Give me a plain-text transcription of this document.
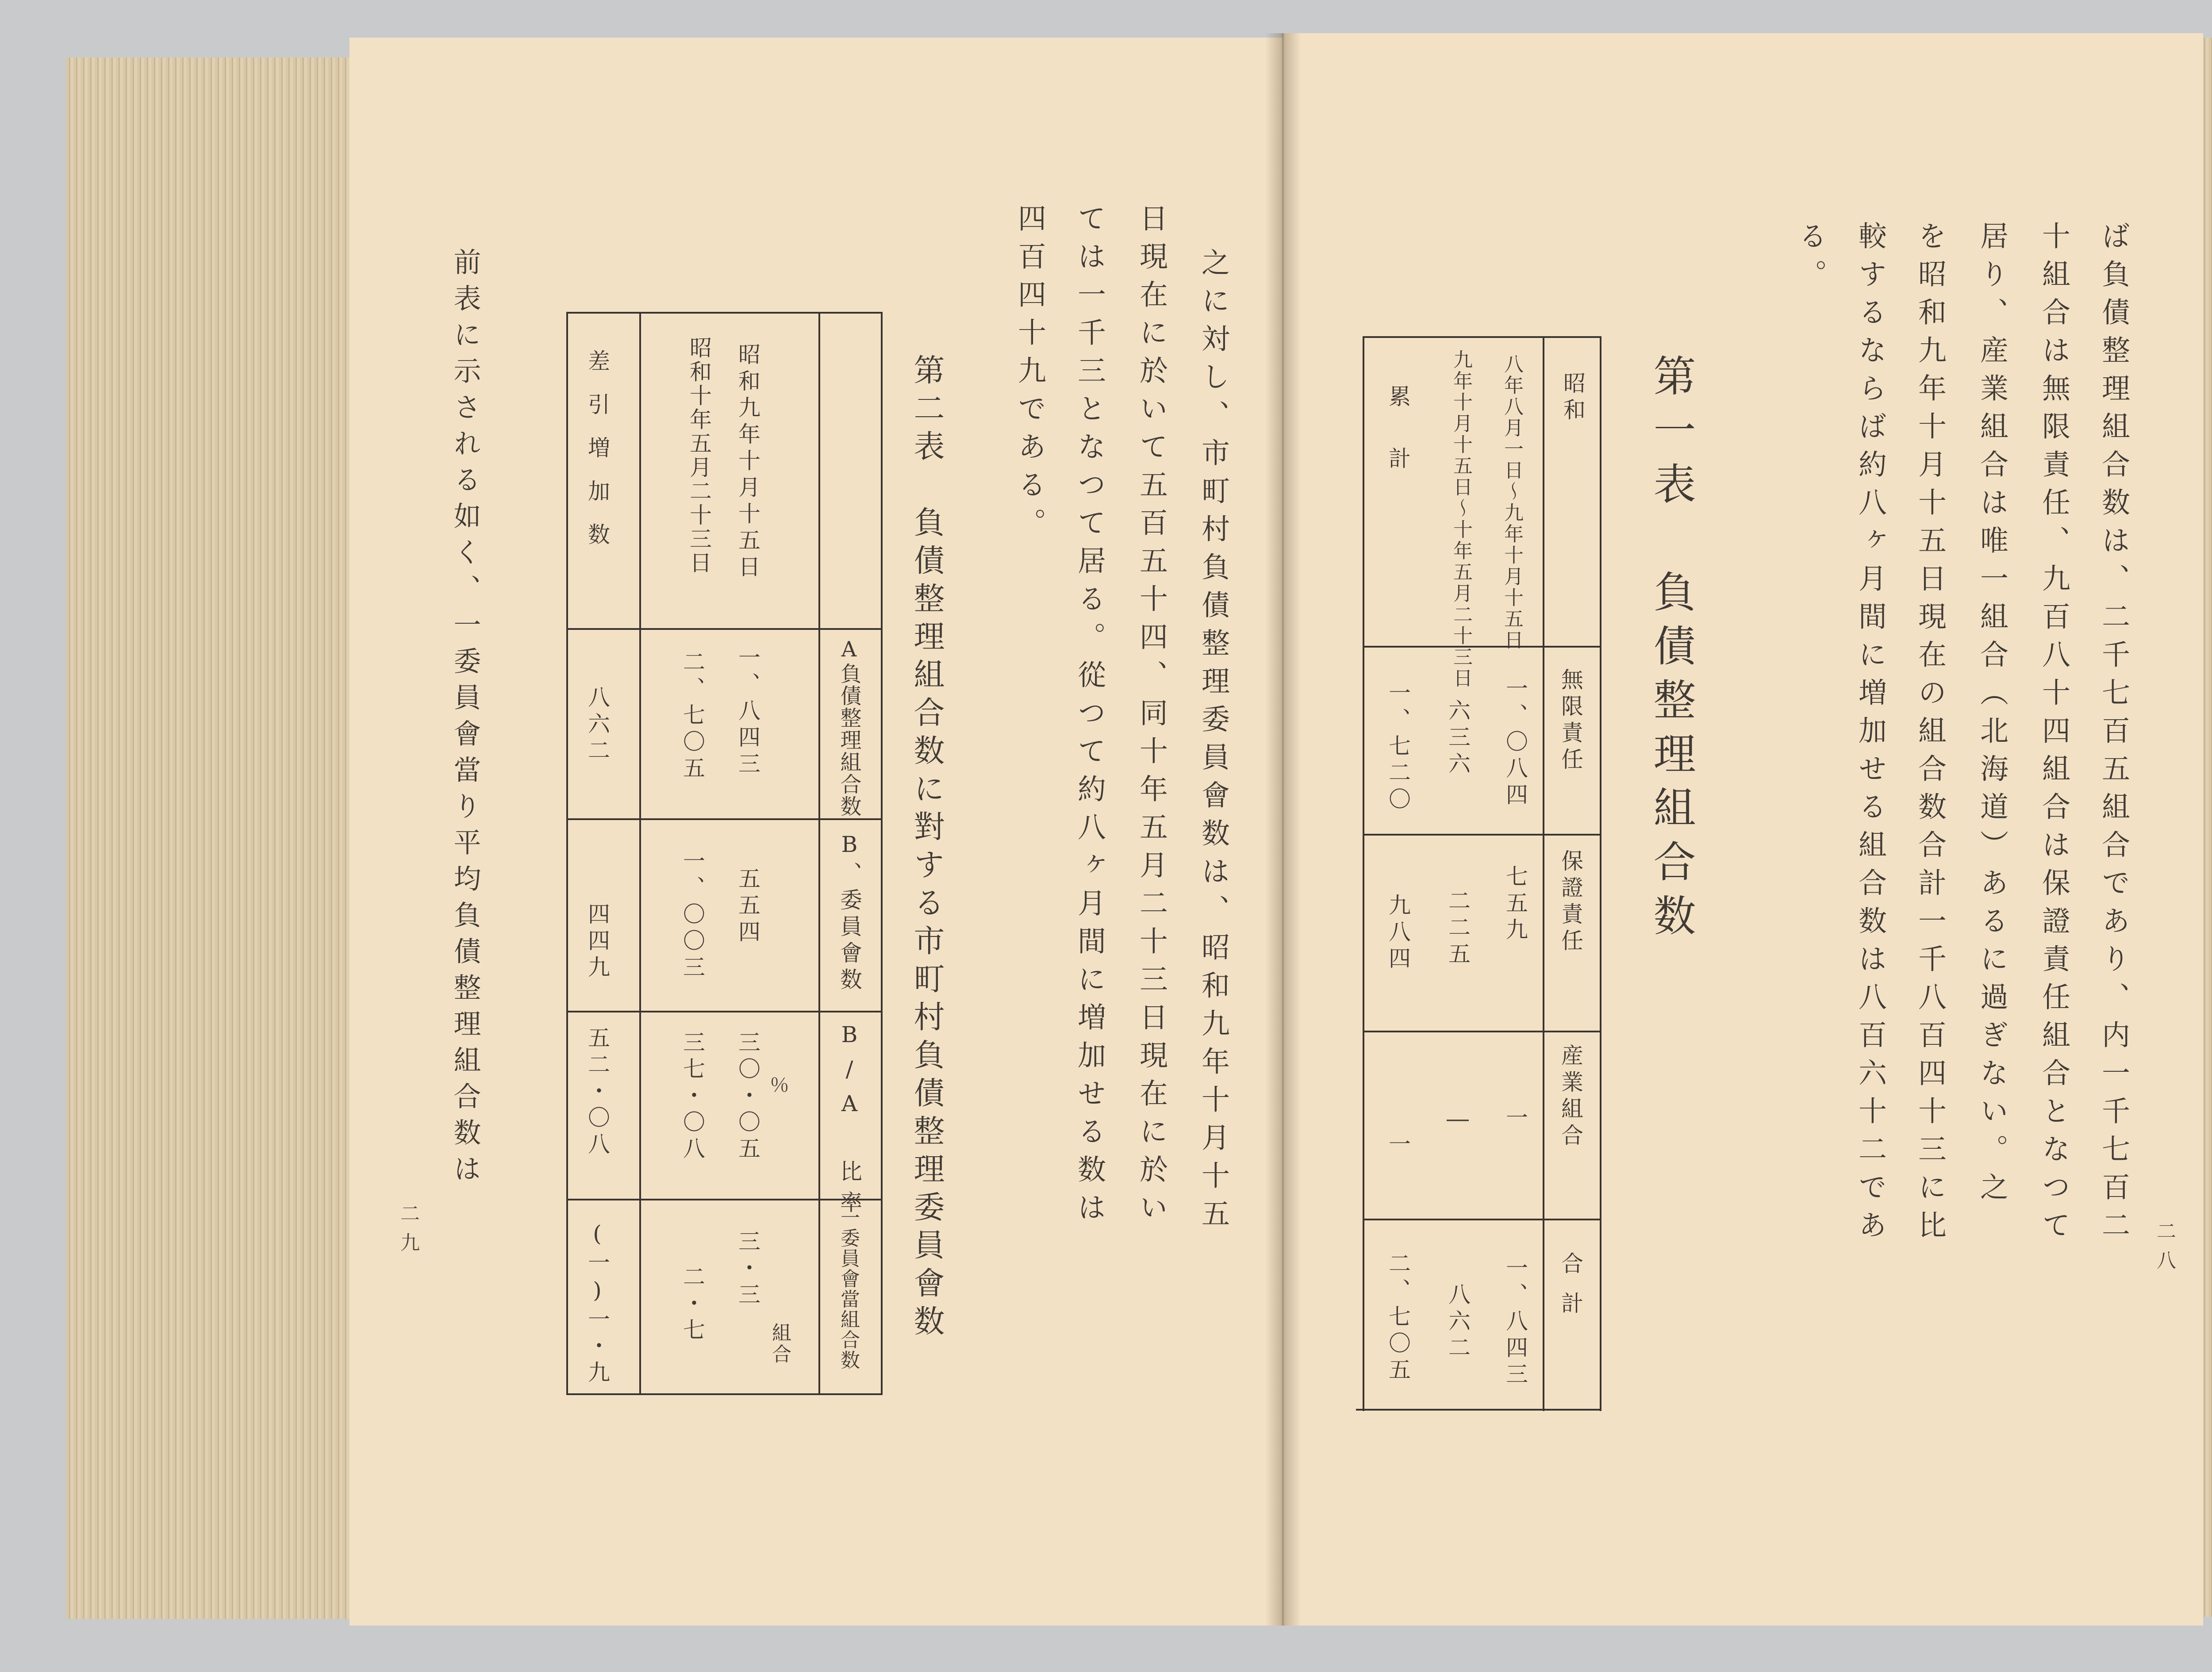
ば負債整理組合数は、二千七百五組合であり、内一千七百二
十組合は無限責任、九百八十四組合は保證責任組合となつて
居り、産業組合は唯一組合（北海道）あるに過ぎない。之
を昭和九年十月十五日現在の組合数合計一千八百四十三に比
較するならば約八ヶ月間に増加せる組合数は八百六十二であ
る。
二八
第一表　負債整理組合数
昭和
八年八月一日～九年十月十五日
九年十月十五日～十年五月二十三日
累計
無限責任
保證責任
産業組合
合計
一、〇八四
七五九
一
一、八四三
六三六
二二五
―
八六二
一、七二〇
九八四
一
二、七〇五
之に対し、市町村負債整理委員會数は、昭和九年十月十五
日現在に於いて五百五十四、同十年五月二十三日現在に於い
ては一千三となつて居る。從つて約八ヶ月間に増加せる数は
四百四十九である。
第二表　負債整理組合数に對する市町村負債整理委員會数
A負債整理組合数
B、委員會数
B/A 比率
一委員會當組合数
昭和九年十月十五日
昭和十年五月二十三日
差引増加数
一、八四三
五五四
三〇・〇五 ％
三・三
組合
二、七〇五
一、〇〇三
三七・〇八
二・七
八六二
四四九
五二・〇八
(一)一・九
前表に示される如く、一委員會當り平均負債整理組合数は
二九
